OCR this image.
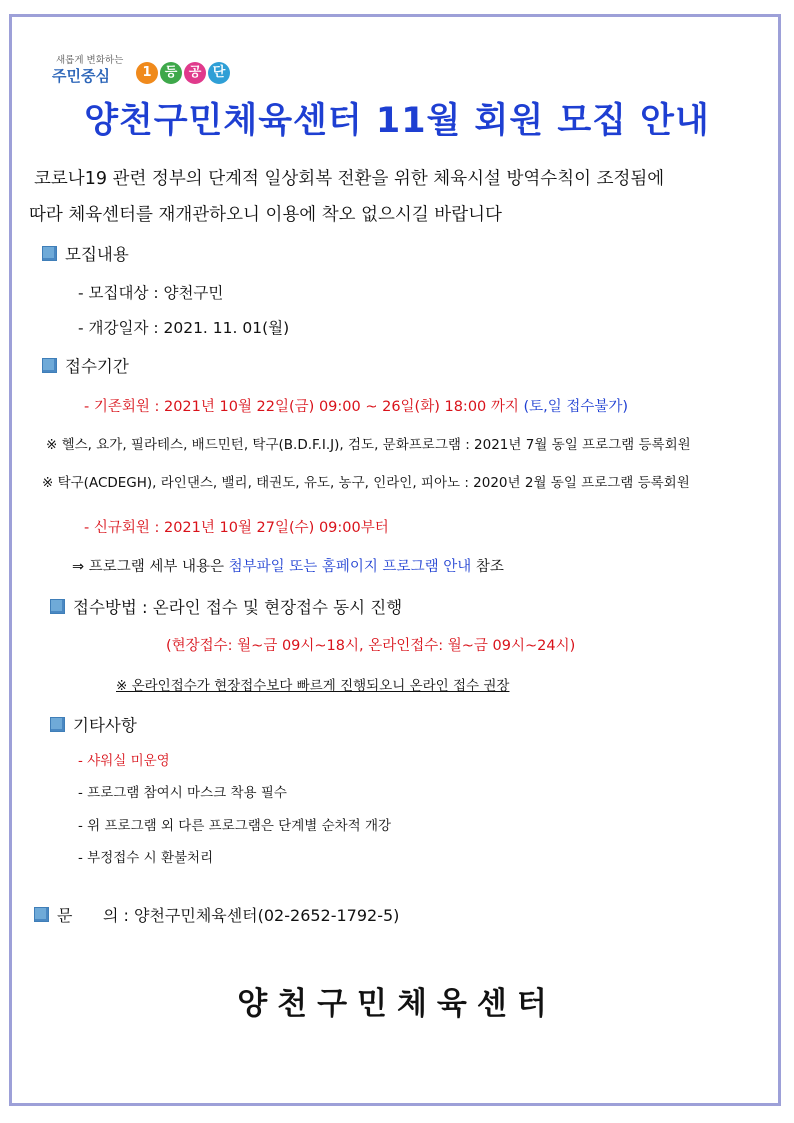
새롭게 변화하는
주민중심	1	등 공 단
양천구민체육센터 11월 회원 모집 안내
코로나19 관련 정부의 단계적 일상회복 전환을 위한 체육시설 방역수칙이 조정됨에
따라 체육센터를 재개관하오니 이용에 착오 없으시길 바랍니다
모집내용
- 모집대상 : 양천구민
- 개강일자 : 2021. 11. 01(월)
접수기간
- 기존회원 : 2021년 10월 22일(금) 09:00 ~ 26일(화) 18:00 까지 (토,일 접수불가)
※ 헬스, 요가, 필라테스, 배드민턴, 탁구(B.D.F.I.J), 검도, 문화프로그램 : 2021년 7월 동일 프로그램 등록회원
※ 탁구(ACDEGH), 라인댄스, 밸리, 태권도, 유도, 농구, 인라인, 피아노 : 2020년 2월 동일 프로그램 등록회원
- 신규회원 : 2021년 10월 27일(수) 09:00부터
⇒ 프로그램 세부 내용은 첨부파일 또는 홈페이지 프로그램 안내 참조
접수방법 : 온라인 접수 및 현장접수 동시 진행
(현장접수: 월~금 09시~18시, 온라인접수: 월~금 09시~24시)
※ 온라인접수가 현장접수보다 빠르게 진행되오니 온라인 접수 권장
기타사항
- 샤워실 미운영
- 프로그램 참여시 마스크 착용 필수
- 위 프로그램 외 다른 프로그램은 단계별 순차적 개강
- 부정접수 시 환불처리
문      의 : 양천구민체육센터(02-2652-1792-5)
양천구민체육센터
